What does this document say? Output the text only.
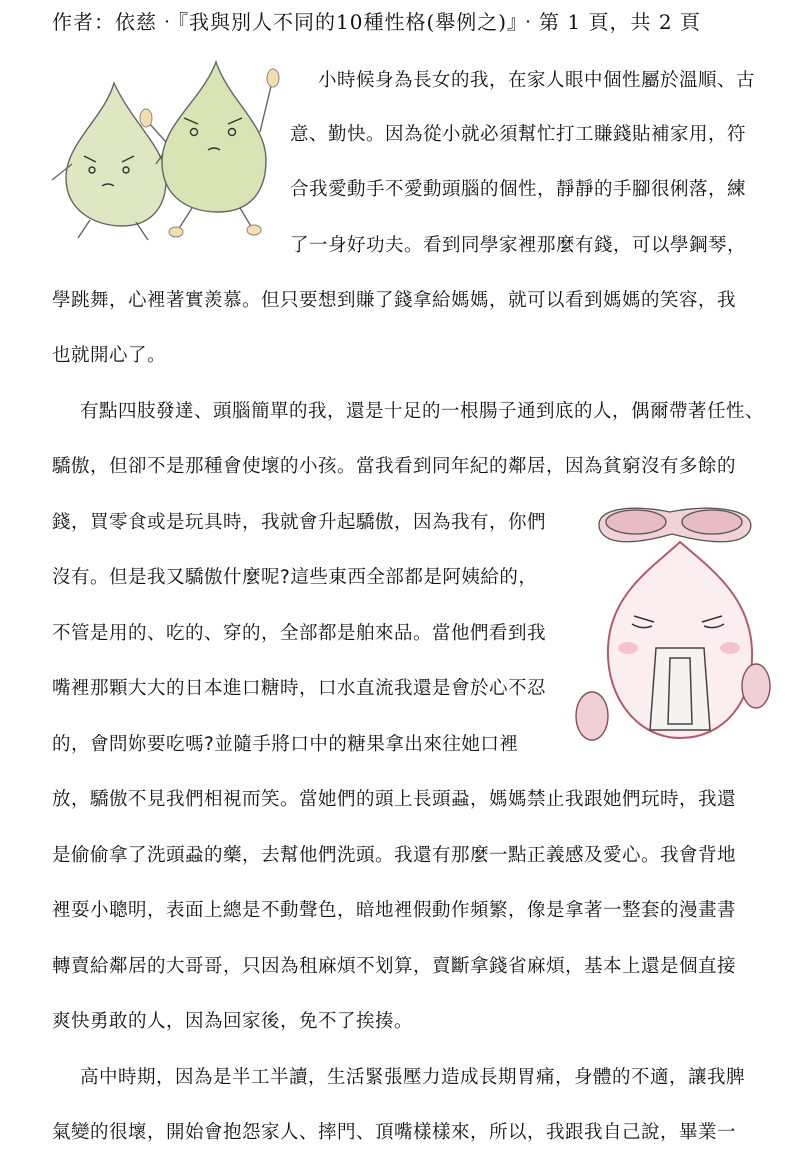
作者：依慈‧『我與別人不同的10種性格(舉例之)』‧第 1 頁，共 2 頁
小時候身為長女的我，在家人眼中個性屬於溫順、古
意、勤快。因為從小就必須幫忙打工賺錢貼補家用，符
合我愛動手不愛動頭腦的個性，靜靜的手腳很俐落，練
了一身好功夫。看到同學家裡那麼有錢，可以學鋼琴，
學跳舞，心裡著實羨慕。但只要想到賺了錢拿給媽媽，就可以看到媽媽的笑容，我
也就開心了。
有點四肢發達、頭腦簡單的我，還是十足的一根腸子通到底的人，偶爾帶著任性、
驕傲，但卻不是那種會使壞的小孩。當我看到同年紀的鄰居，因為貧窮沒有多餘的
錢，買零食或是玩具時，我就會升起驕傲，因為我有，你們
沒有。但是我又驕傲什麼呢?這些東西全部都是阿姨給的，
不管是用的、吃的、穿的，全部都是舶來品。當他們看到我
嘴裡那顆大大的日本進口糖時，口水直流我還是會於心不忍
的，會問妳要吃嗎?並隨手將口中的糖果拿出來往她口裡
放，驕傲不見我們相視而笑。當她們的頭上長頭蝨，媽媽禁止我跟她們玩時，我還
是偷偷拿了洗頭蝨的藥，去幫他們洗頭。我還有那麼一點正義感及愛心。我會背地
裡耍小聰明，表面上總是不動聲色，暗地裡假動作頻繁，像是拿著一整套的漫畫書
轉賣給鄰居的大哥哥，只因為租麻煩不划算，賣斷拿錢省麻煩，基本上還是個直接
爽快勇敢的人，因為回家後，免不了挨揍。
高中時期，因為是半工半讀，生活緊張壓力造成長期胃痛，身體的不適，讓我脾
氣變的很壞，開始會抱怨家人、摔門、頂嘴樣樣來，所以，我跟我自己說，畢業一
